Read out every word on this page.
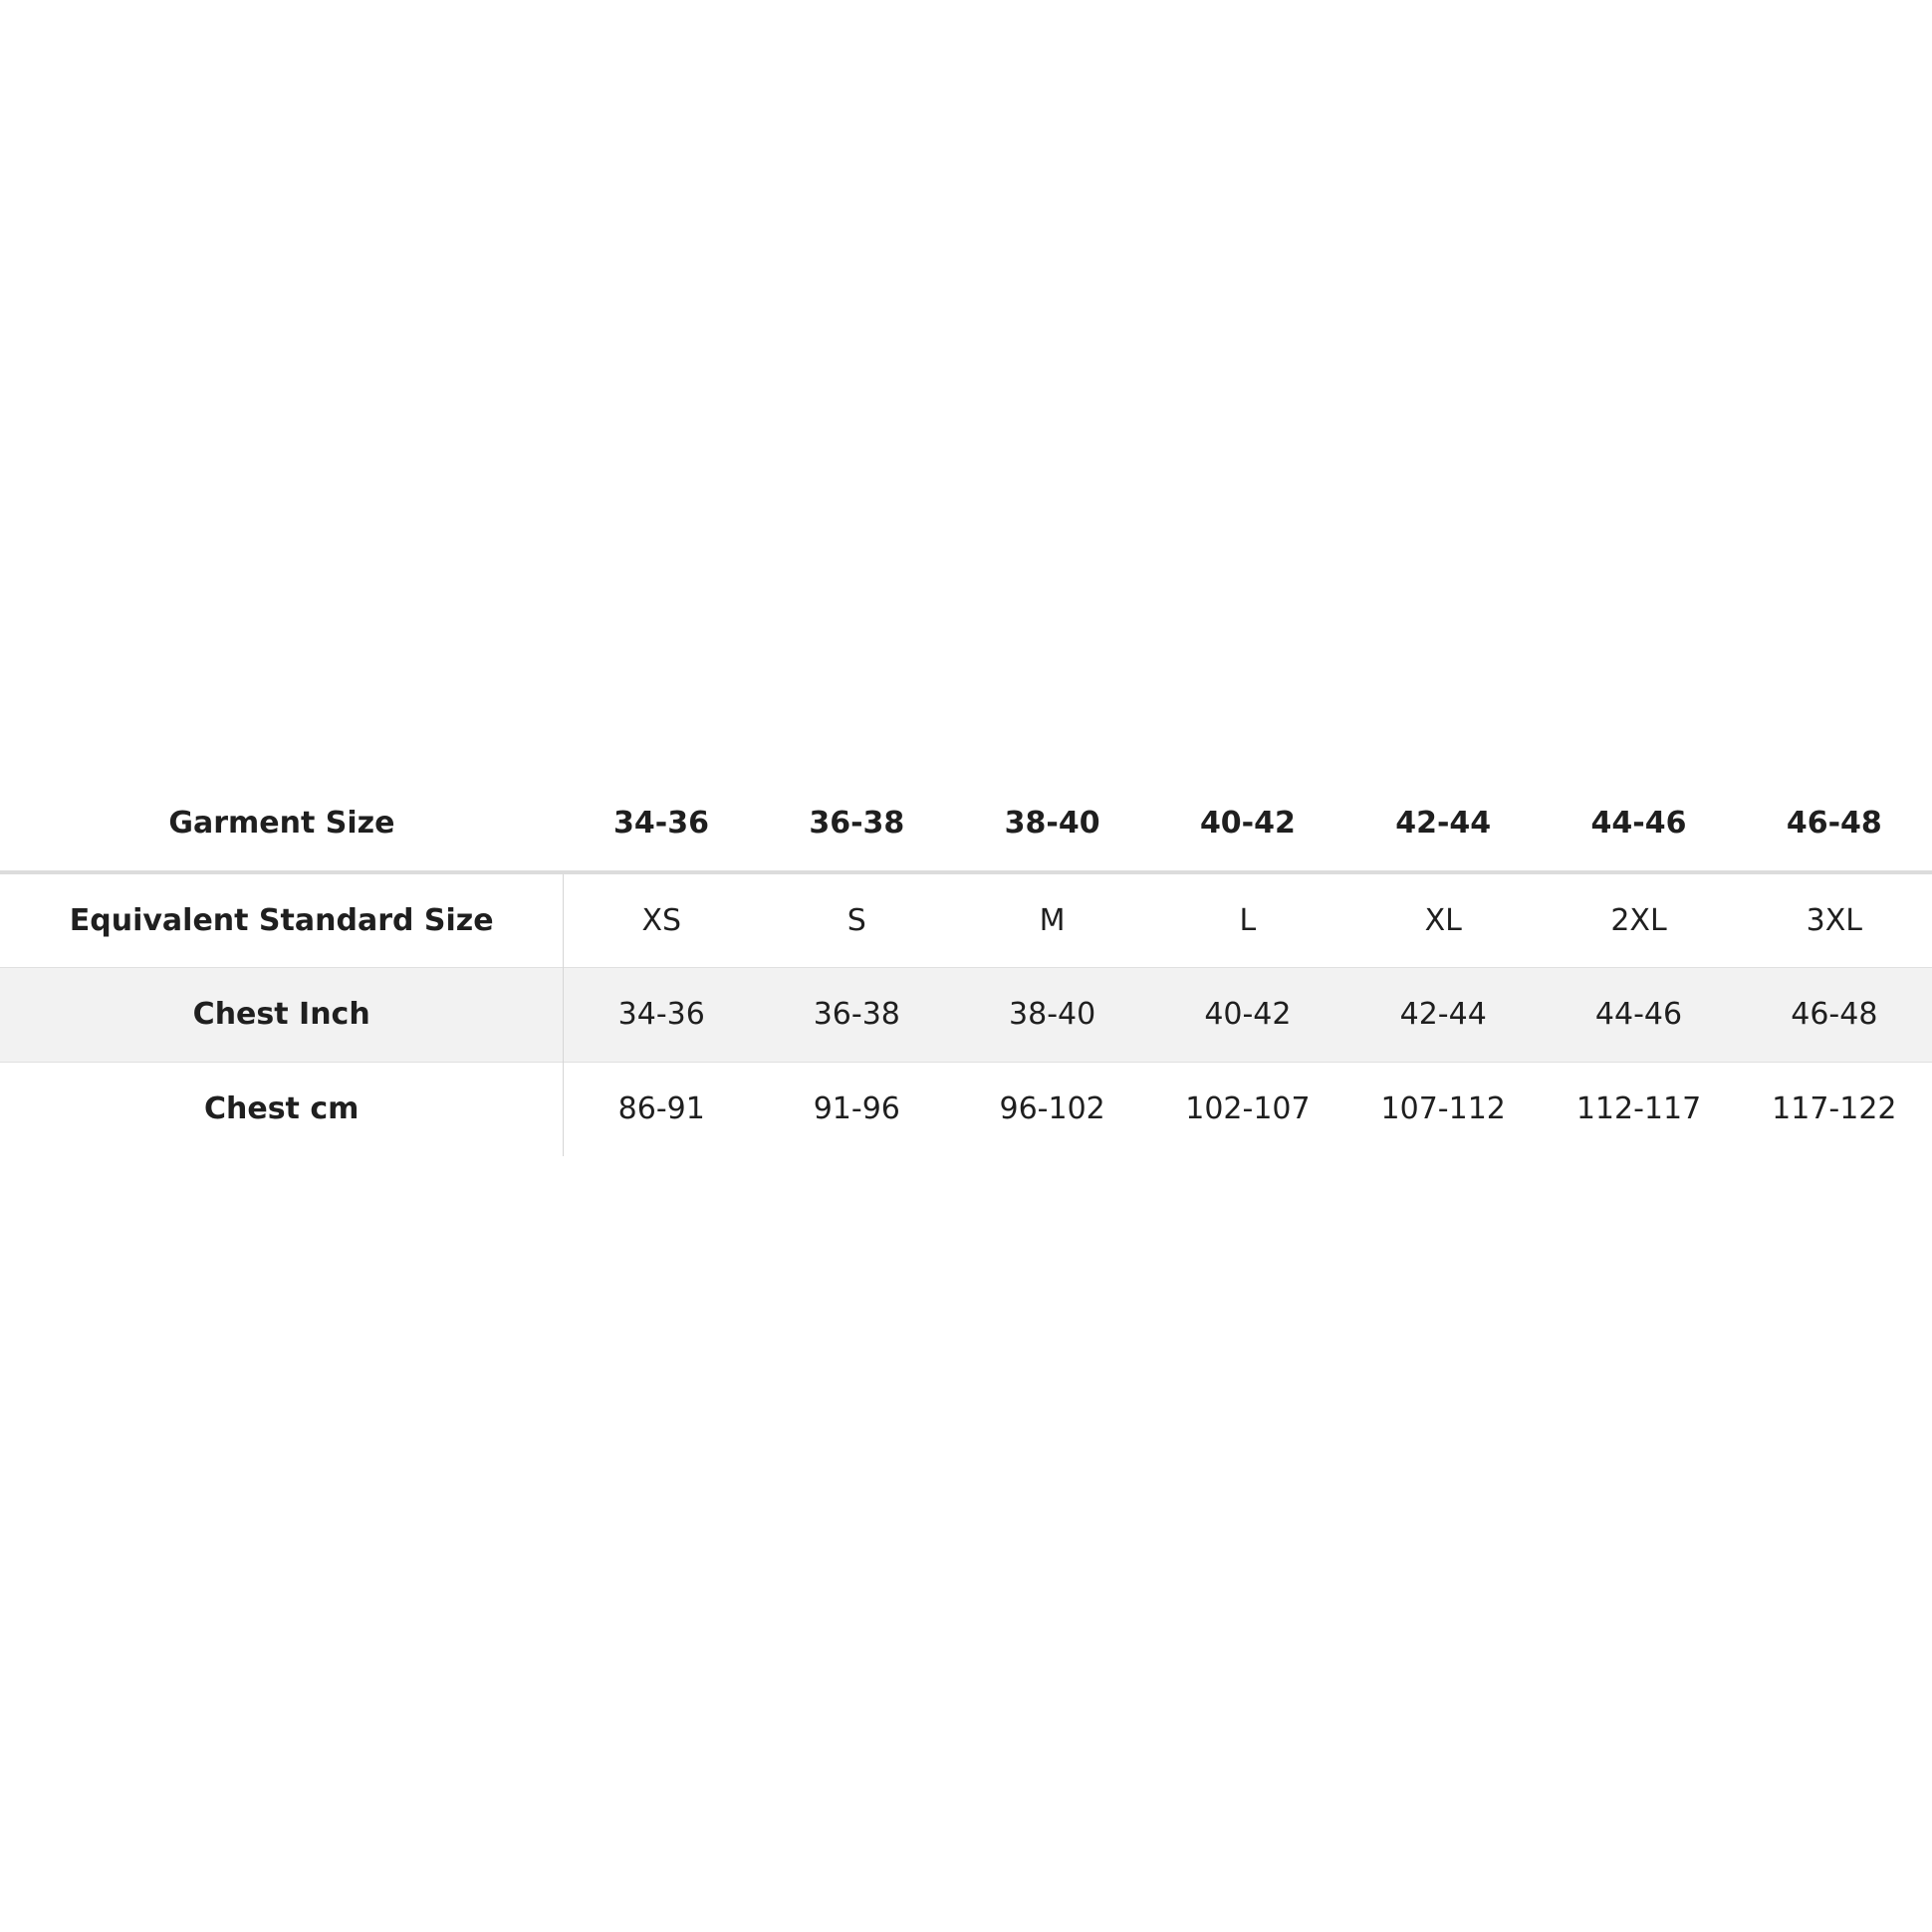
Garment Size	34-36	36-38	38-40	40-42	42-44	44-46	46-48
Equivalent Standard Size	XS	S	M	L	XL	2XL	3XL
Chest Inch	34-36	36-38	38-40	40-42	42-44	44-46	46-48
Chest cm	86-91	91-96	96-102	102-107	107-112	112-117	117-122
